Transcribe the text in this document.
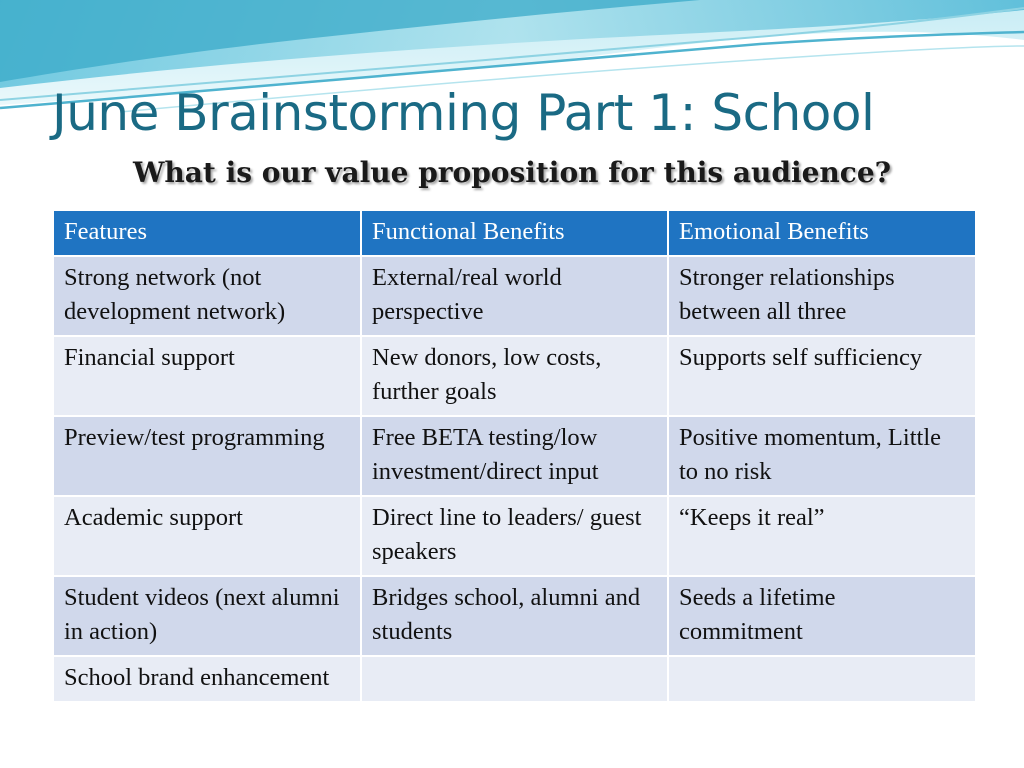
June Brainstorming Part 1: School
What is our value proposition for this audience?
Features	Functional Benefits	Emotional Benefits
Strong network (not development network)	External/real world perspective	Stronger relationships between all three
Financial support	New donors, low costs, further goals	Supports self sufficiency
Preview/test programming	Free BETA testing/low investment/direct input	Positive momentum, Little to no risk
Academic support	Direct line to leaders/ guest speakers	“Keeps it real”
Student videos (next alumni in action)	Bridges school, alumni and students	Seeds a lifetime commitment
School brand enhancement		
